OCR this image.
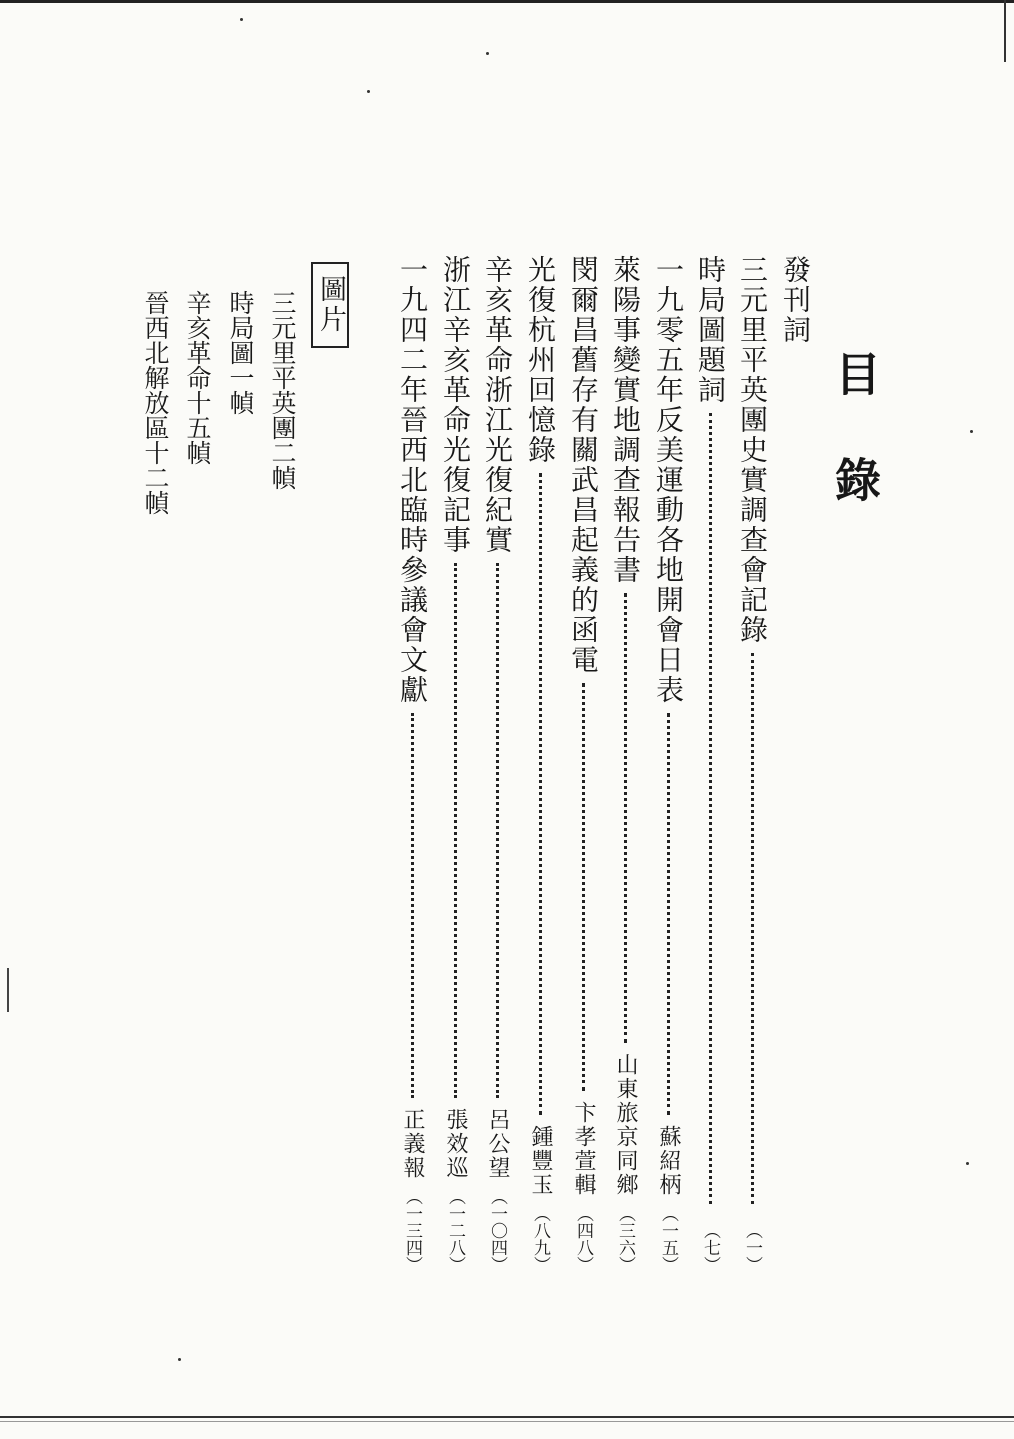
目錄
發刊詞
三元里平英團史實調查會記錄
（一）
時局圖題詞
（七）
一九零五年反美運動各地開會日表
蘇紹柄
（一五）
萊陽事變實地調查報告書
山東旅京同鄉
（三六）
閔爾昌舊存有關武昌起義的函電
卞孝萱輯
（四八）
光復杭州回憶錄
鍾豐玉
（八九）
辛亥革命浙江光復紀實
呂公望
（一〇四）
浙江辛亥革命光復記事
張效巡
（一二八）
一九四二年晉西北臨時參議會文獻
正義報
（一三四）
圖片
三元里平英團二幀
時局圖一幀
辛亥革命十五幀
晉西北解放區十二幀
